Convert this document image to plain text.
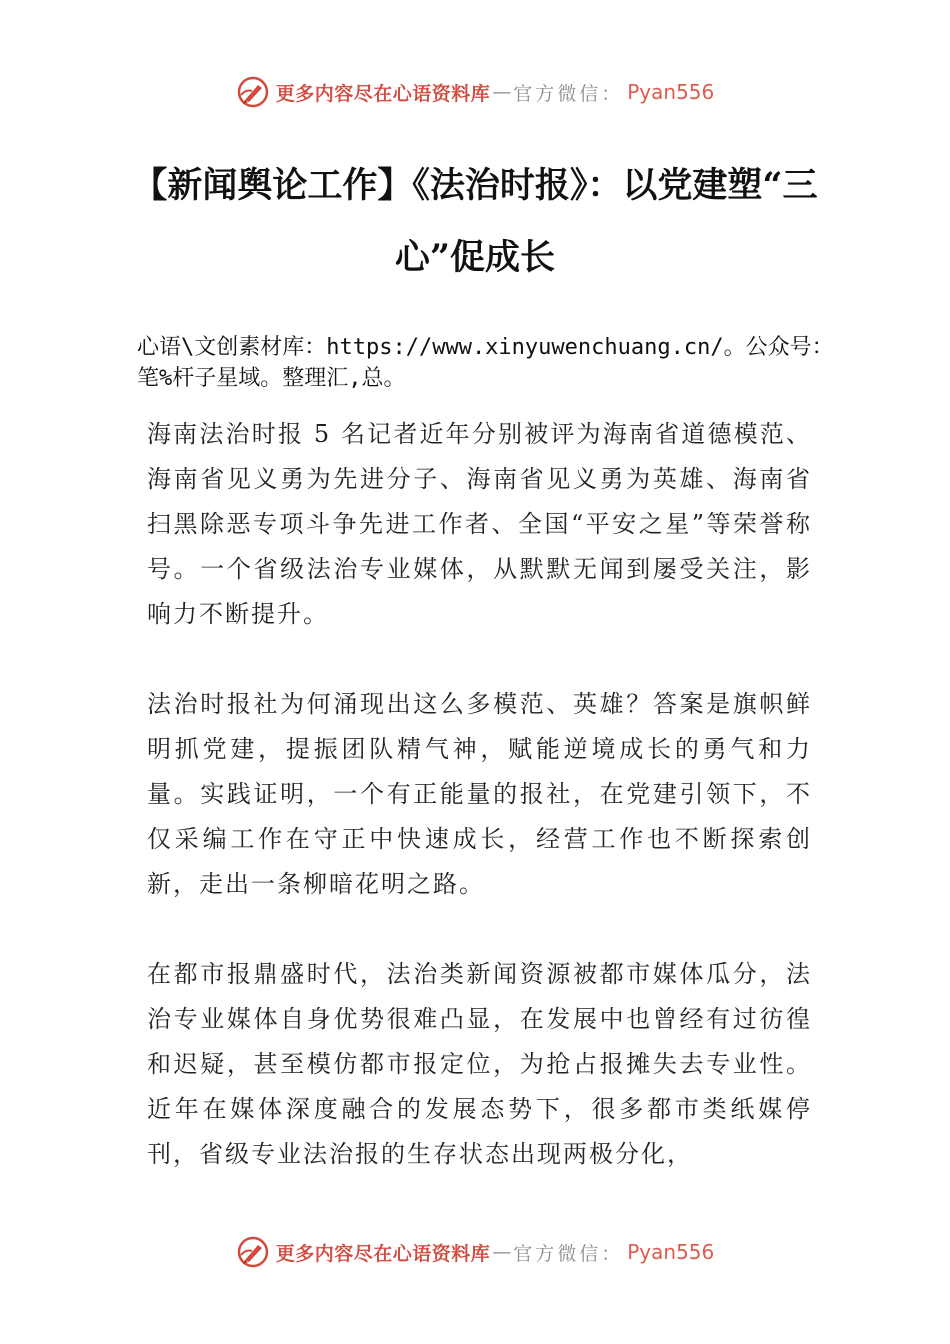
更多内容尽在心语资料库 — 官方微信： Pyan556
【新闻舆论工作】《法治时报》：以党建塑“三心”促成长

心语\文创素材库：https://www.xinyuwenchuang.cn/。公众号：笔%杆子星域。整理汇,总。

海南法治时报 5 名记者近年分别被评为海南省道德模范、海南省见义勇为先进分子、海南省见义勇为英雄、海南省扫黑除恶专项斗争先进工作者、全国“平安之星”等荣誉称号。一个省级法治专业媒体，从默默无闻到屡受关注，影响力不断提升。

法治时报社为何涌现出这么多模范、英雄？答案是旗帜鲜明抓党建，提振团队精气神，赋能逆境成长的勇气和力量。实践证明，一个有正能量的报社，在党建引领下，不仅采编工作在守正中快速成长，经营工作也不断探索创新，走出一条柳暗花明之路。

在都市报鼎盛时代，法治类新闻资源被都市媒体瓜分，法治专业媒体自身优势很难凸显，在发展中也曾经有过彷徨和迟疑，甚至模仿都市报定位，为抢占报摊失去专业性。近年在媒体深度融合的发展态势下，很多都市类纸媒停刊，省级专业法治报的生存状态出现两极分化，

更多内容尽在心语资料库 — 官方微信： Pyan556
